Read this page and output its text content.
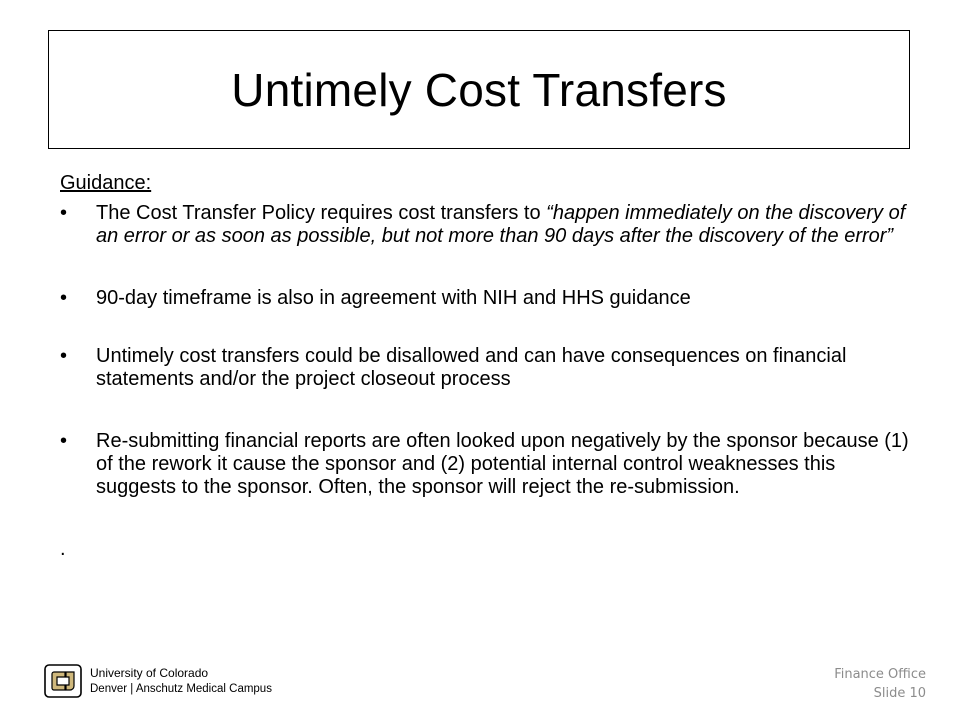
Untimely Cost Transfers
Guidance:
• The Cost Transfer Policy requires cost transfers to “happen immediately on the discovery of an error or as soon as possible, but not more than 90 days after the discovery of the error”
• 90-day timeframe is also in agreement with NIH and HHS guidance
• Untimely cost transfers could be disallowed and can have consequences on financial statements and/or the project closeout process
• Re-submitting financial reports are often looked upon negatively by the sponsor because (1) of the rework it cause the sponsor and (2) potential internal control weaknesses this suggests to the sponsor. Often, the sponsor will reject the re-submission.
.
University of Colorado
Denver | Anschutz Medical Campus
Finance Office
Slide 10
